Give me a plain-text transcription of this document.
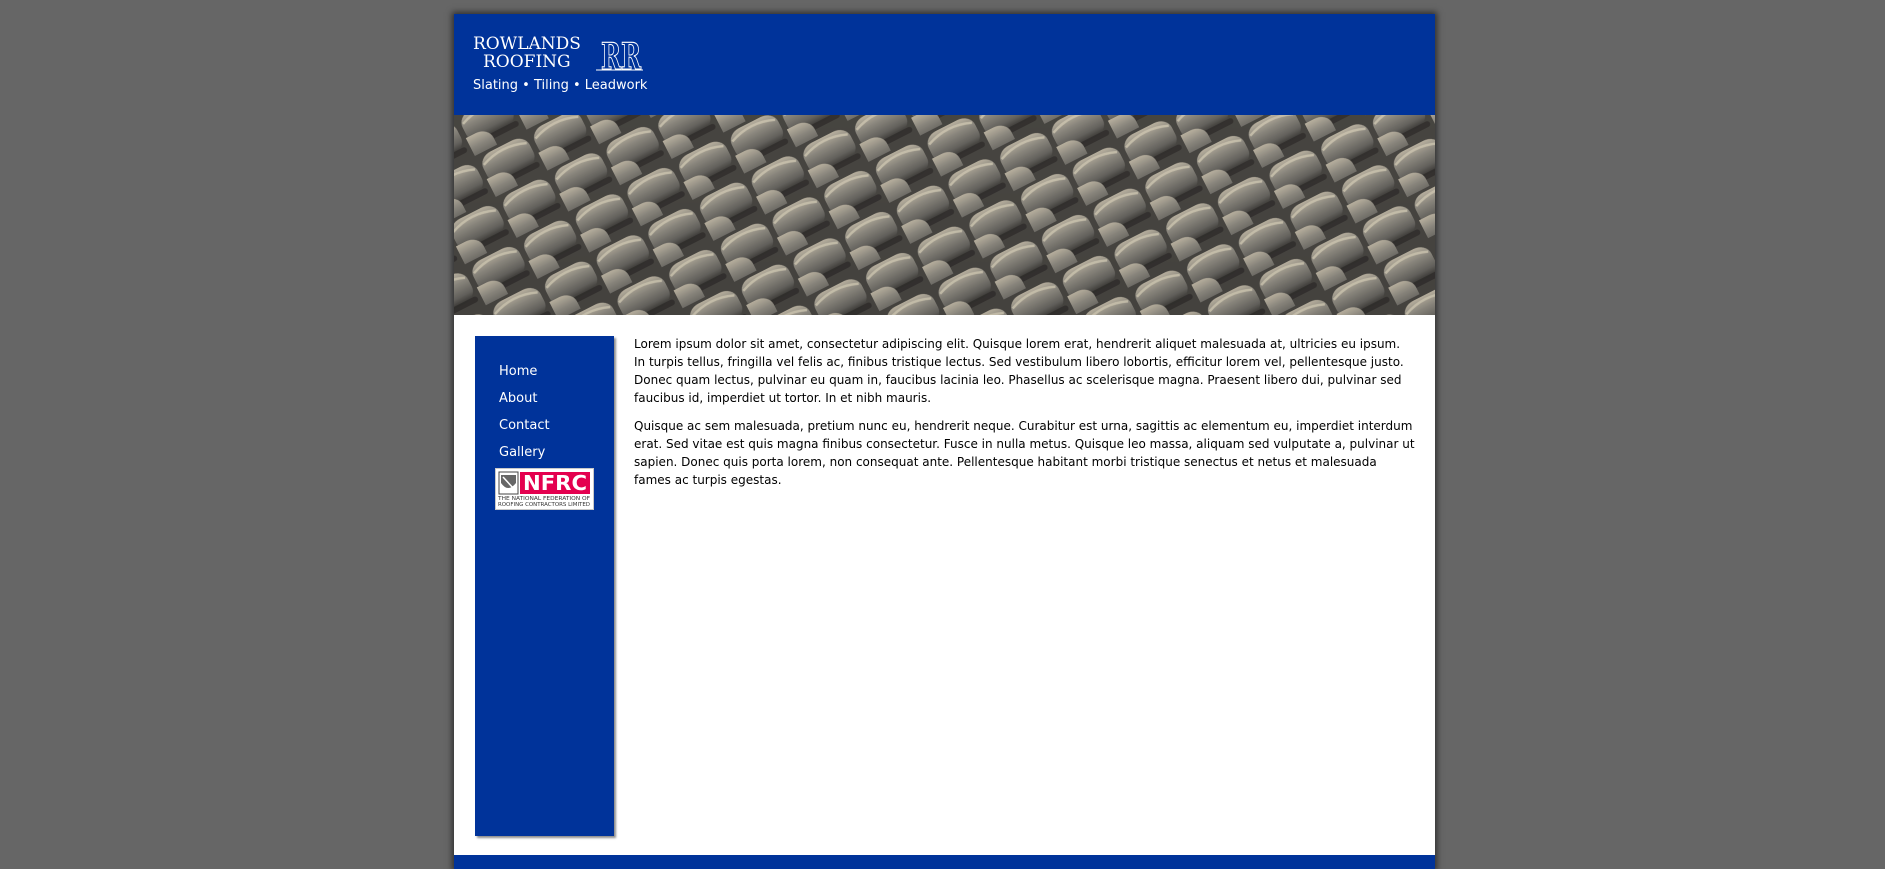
ROWLANDS
ROOFING RR
Slating • Tiling • Leadwork
Home
About
Contact
Gallery
NFRC
THE NATIONAL FEDERATION OF
ROOFING CONTRACTORS LIMITED

Lorem ipsum dolor sit amet, consectetur adipiscing elit. Quisque lorem erat, hendrerit aliquet malesuada at, ultricies eu ipsum. In turpis tellus, fringilla vel felis ac, finibus tristique lectus. Sed vestibulum libero lobortis, efficitur lorem vel, pellentesque justo. Donec quam lectus, pulvinar eu quam in, faucibus lacinia leo. Phasellus ac scelerisque magna. Praesent libero dui, pulvinar sed faucibus id, imperdiet ut tortor. In et nibh mauris.

Quisque ac sem malesuada, pretium nunc eu, hendrerit neque. Curabitur est urna, sagittis ac elementum eu, imperdiet interdum erat. Sed vitae est quis magna finibus consectetur. Fusce in nulla metus. Quisque leo massa, aliquam sed vulputate a, pulvinar ut sapien. Donec quis porta lorem, non consequat ante. Pellentesque habitant morbi tristique senectus et netus et malesuada fames ac turpis egestas.
